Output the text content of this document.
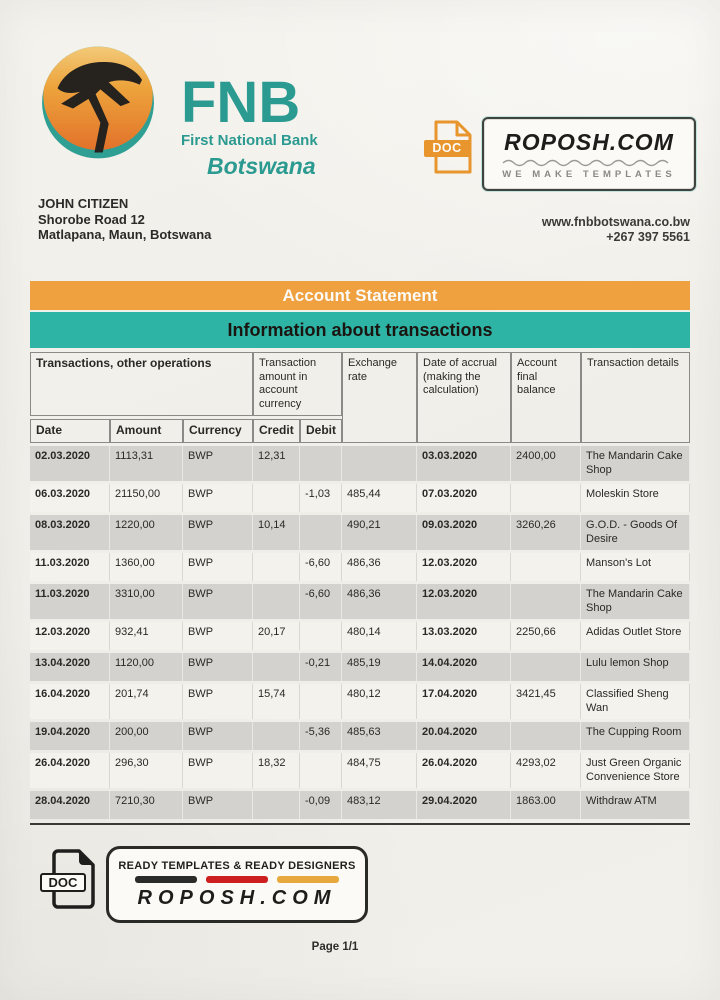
FNB
First National Bank
Botswana
DOC	ROPOSH.COM
WE MAKE TEMPLATES
JOHN CITIZEN
Shorobe Road 12
Matlapana, Maun, Botswana
www.fnbbotswana.co.bw
+267 397 5561
Account Statement
Information about transactions
Transactions, other operations			Transaction amount in account currency		Exchange rate	Date of accrual (making the calculation)	Account final balance	Transaction details
Date	Amount	Currency	Credit	Debit				
02.03.2020	1113,31	BWP	12,31			03.03.2020	2400,00	The Mandarin Cake Shop
06.03.2020	21150,00	BWP		-1,03	485,44	07.03.2020		Moleskin Store
08.03.2020	1220,00	BWP	10,14		490,21	09.03.2020	3260,26	G.O.D. - Goods Of Desire
11.03.2020	1360,00	BWP		-6,60	486,36	12.03.2020		Manson's Lot
11.03.2020	3310,00	BWP		-6,60	486,36	12.03.2020		The Mandarin Cake Shop
12.03.2020	932,41	BWP	20,17		480,14	13.03.2020	2250,66	Adidas Outlet Store
13.04.2020	1120,00	BWP		-0,21	485,19	14.04.2020		Lulu lemon Shop
16.04.2020	201,74	BWP	15,74		480,12	17.04.2020	3421,45	Classified Sheng Wan
19.04.2020	200,00	BWP		-5,36	485,63	20.04.2020		The Cupping Room
26.04.2020	296,30	BWP	18,32		484,75	26.04.2020	4293,02	Just Green Organic Convenience Store
28.04.2020	7210,30	BWP		-0,09	483,12	29.04.2020	1863.00	Withdraw ATM
DOC
READY TEMPLATES & READY DESIGNERS
ROPOSH.COM
Page 1/1
